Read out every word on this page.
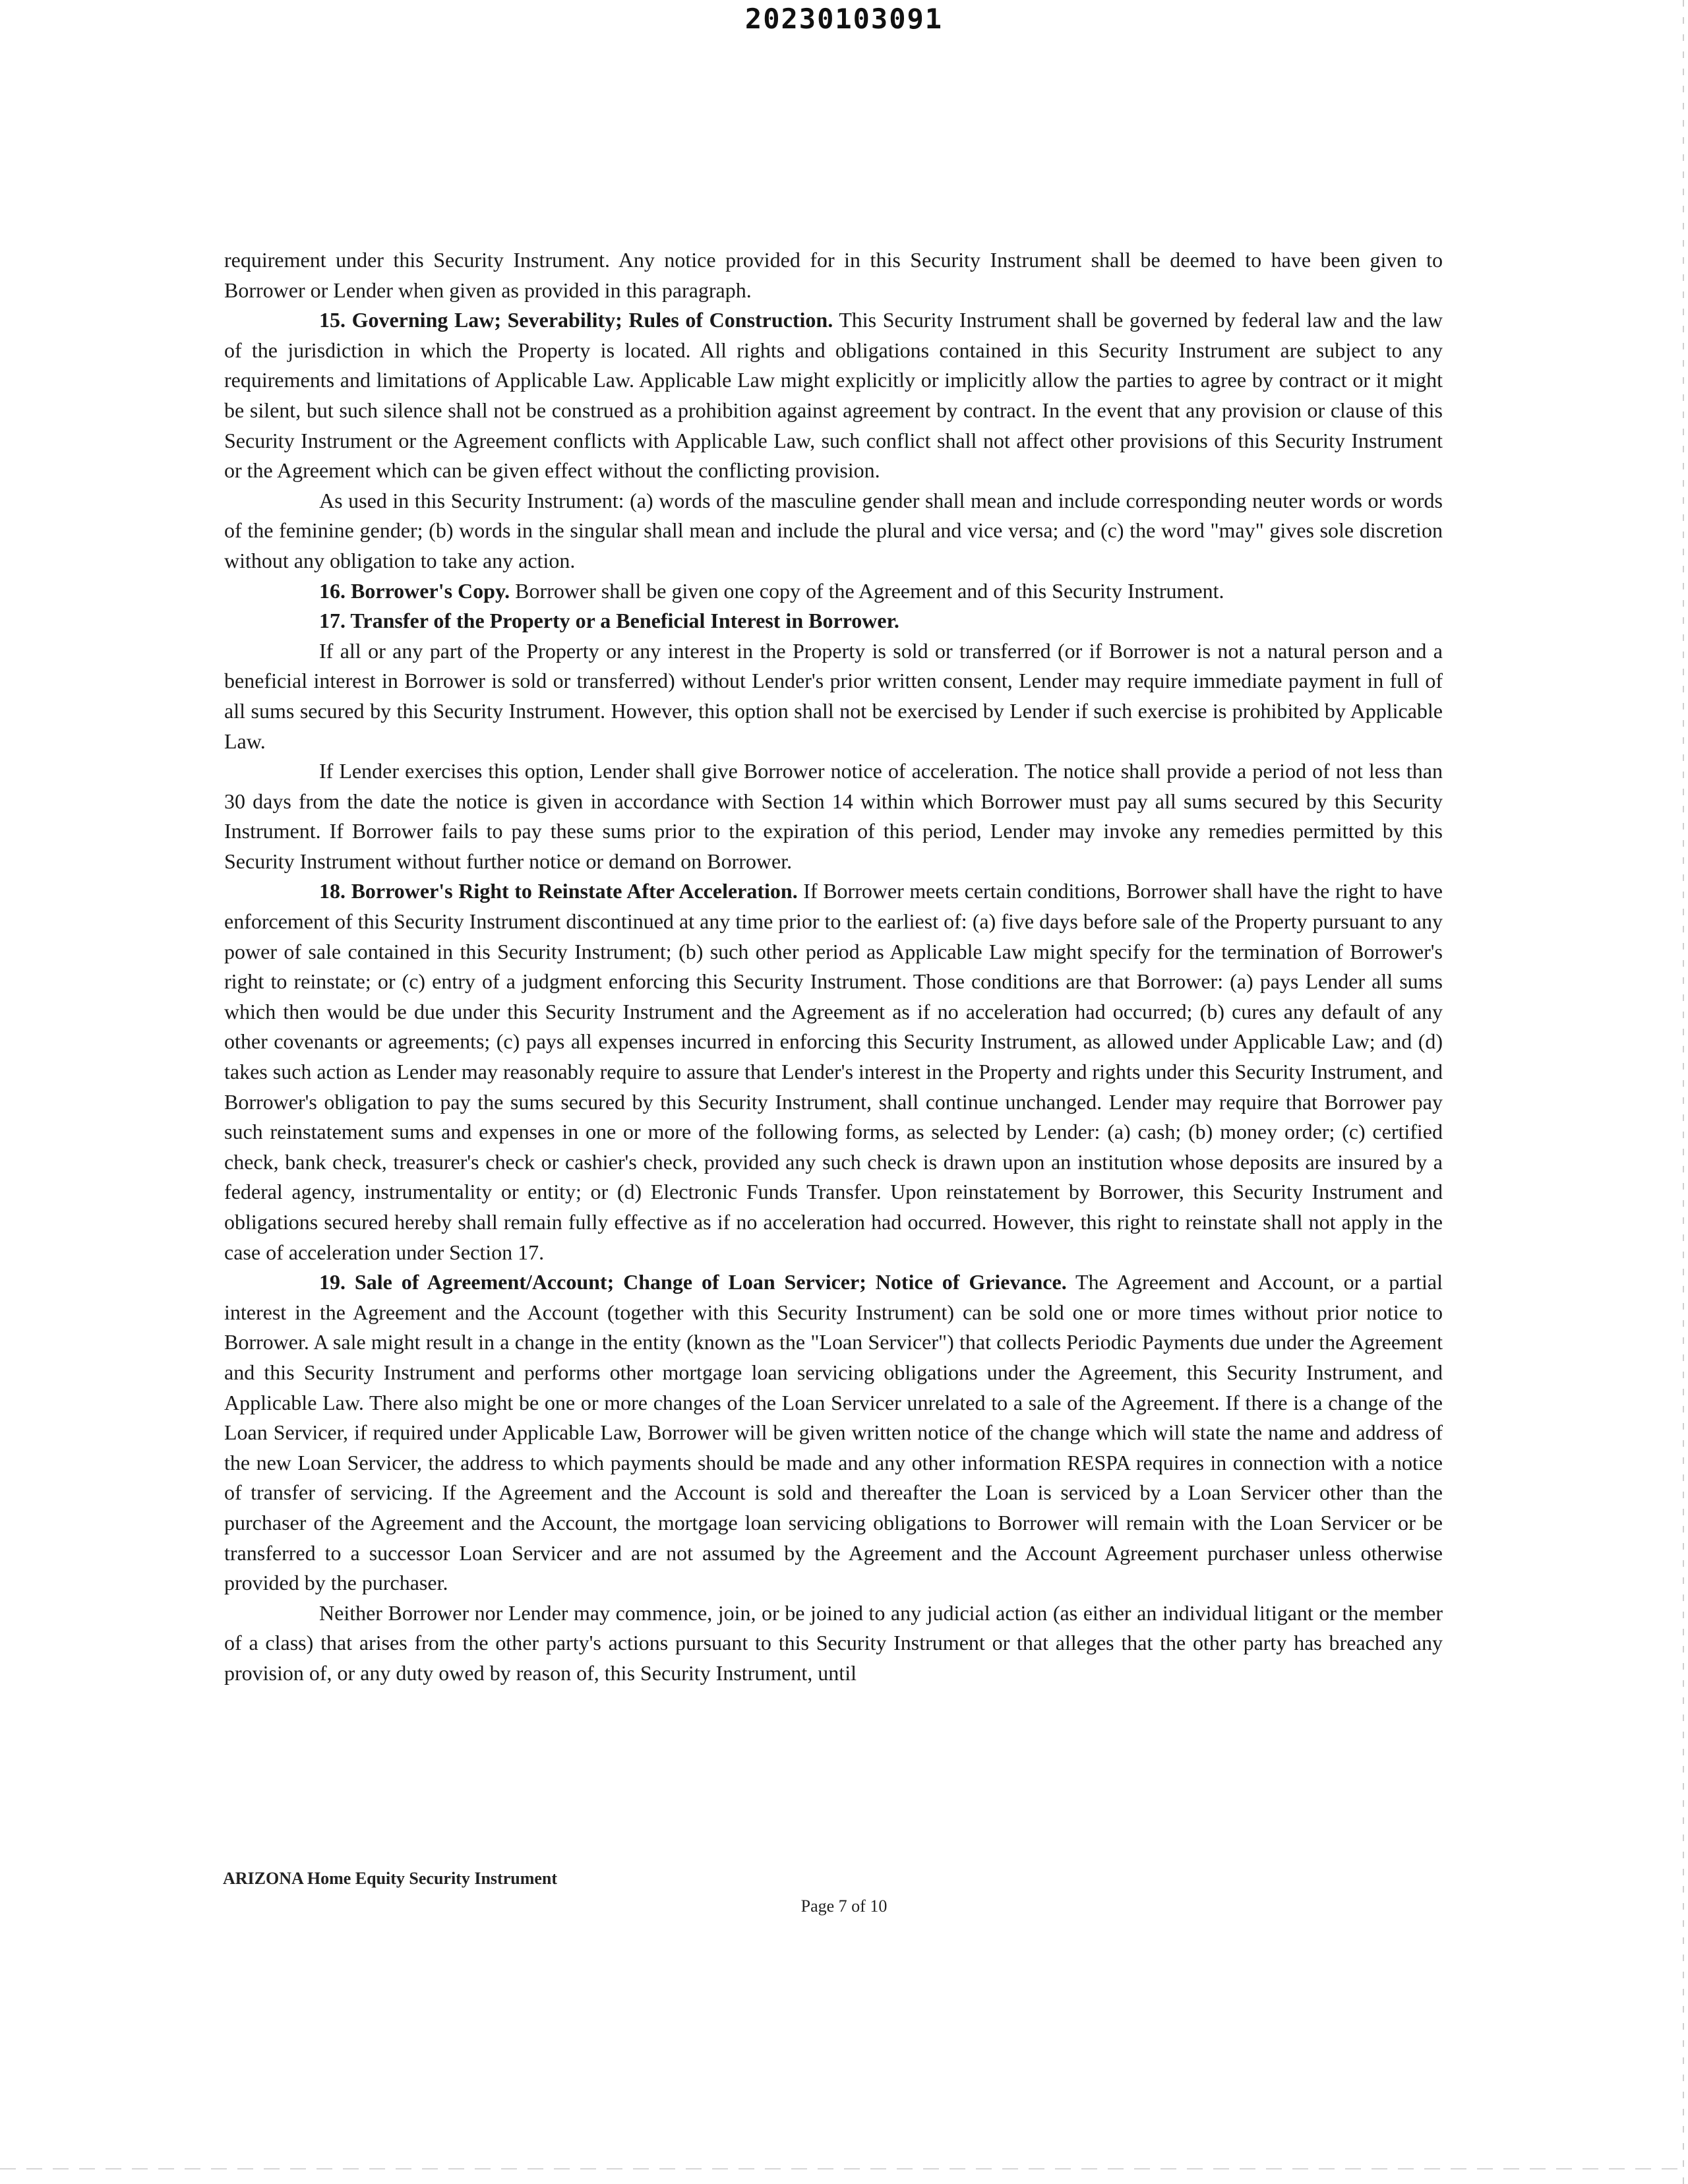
20230103091

requirement under this Security Instrument. Any notice provided for in this Security Instrument shall be deemed to have been given to Borrower or Lender when given as provided in this paragraph.

15. Governing Law; Severability; Rules of Construction. This Security Instrument shall be governed by federal law and the law of the jurisdiction in which the Property is located. All rights and obligations contained in this Security Instrument are subject to any requirements and limitations of Applicable Law. Applicable Law might explicitly or implicitly allow the parties to agree by contract or it might be silent, but such silence shall not be construed as a prohibition against agreement by contract. In the event that any provision or clause of this Security Instrument or the Agreement conflicts with Applicable Law, such conflict shall not affect other provisions of this Security Instrument or the Agreement which can be given effect without the conflicting provision.

As used in this Security Instrument: (a) words of the masculine gender shall mean and include corresponding neuter words or words of the feminine gender; (b) words in the singular shall mean and include the plural and vice versa; and (c) the word "may" gives sole discretion without any obligation to take any action.

16. Borrower's Copy. Borrower shall be given one copy of the Agreement and of this Security Instrument.

17. Transfer of the Property or a Beneficial Interest in Borrower.

If all or any part of the Property or any interest in the Property is sold or transferred (or if Borrower is not a natural person and a beneficial interest in Borrower is sold or transferred) without Lender's prior written consent, Lender may require immediate payment in full of all sums secured by this Security Instrument. However, this option shall not be exercised by Lender if such exercise is prohibited by Applicable Law.

If Lender exercises this option, Lender shall give Borrower notice of acceleration. The notice shall provide a period of not less than 30 days from the date the notice is given in accordance with Section 14 within which Borrower must pay all sums secured by this Security Instrument. If Borrower fails to pay these sums prior to the expiration of this period, Lender may invoke any remedies permitted by this Security Instrument without further notice or demand on Borrower.

18. Borrower's Right to Reinstate After Acceleration. If Borrower meets certain conditions, Borrower shall have the right to have enforcement of this Security Instrument discontinued at any time prior to the earliest of: (a) five days before sale of the Property pursuant to any power of sale contained in this Security Instrument; (b) such other period as Applicable Law might specify for the termination of Borrower's right to reinstate; or (c) entry of a judgment enforcing this Security Instrument. Those conditions are that Borrower: (a) pays Lender all sums which then would be due under this Security Instrument and the Agreement as if no acceleration had occurred; (b) cures any default of any other covenants or agreements; (c) pays all expenses incurred in enforcing this Security Instrument, as allowed under Applicable Law; and (d) takes such action as Lender may reasonably require to assure that Lender's interest in the Property and rights under this Security Instrument, and Borrower's obligation to pay the sums secured by this Security Instrument, shall continue unchanged. Lender may require that Borrower pay such reinstatement sums and expenses in one or more of the following forms, as selected by Lender: (a) cash; (b) money order; (c) certified check, bank check, treasurer's check or cashier's check, provided any such check is drawn upon an institution whose deposits are insured by a federal agency, instrumentality or entity; or (d) Electronic Funds Transfer. Upon reinstatement by Borrower, this Security Instrument and obligations secured hereby shall remain fully effective as if no acceleration had occurred. However, this right to reinstate shall not apply in the case of acceleration under Section 17.

19. Sale of Agreement/Account; Change of Loan Servicer; Notice of Grievance. The Agreement and Account, or a partial interest in the Agreement and the Account (together with this Security Instrument) can be sold one or more times without prior notice to Borrower. A sale might result in a change in the entity (known as the "Loan Servicer") that collects Periodic Payments due under the Agreement and this Security Instrument and performs other mortgage loan servicing obligations under the Agreement, this Security Instrument, and Applicable Law. There also might be one or more changes of the Loan Servicer unrelated to a sale of the Agreement. If there is a change of the Loan Servicer, if required under Applicable Law, Borrower will be given written notice of the change which will state the name and address of the new Loan Servicer, the address to which payments should be made and any other information RESPA requires in connection with a notice of transfer of servicing. If the Agreement and the Account is sold and thereafter the Loan is serviced by a Loan Servicer other than the purchaser of the Agreement and the Account, the mortgage loan servicing obligations to Borrower will remain with the Loan Servicer or be transferred to a successor Loan Servicer and are not assumed by the Agreement and the Account Agreement purchaser unless otherwise provided by the purchaser.

Neither Borrower nor Lender may commence, join, or be joined to any judicial action (as either an individual litigant or the member of a class) that arises from the other party's actions pursuant to this Security Instrument or that alleges that the other party has breached any provision of, or any duty owed by reason of, this Security Instrument, until

ARIZONA Home Equity Security Instrument
Page 7 of 10
